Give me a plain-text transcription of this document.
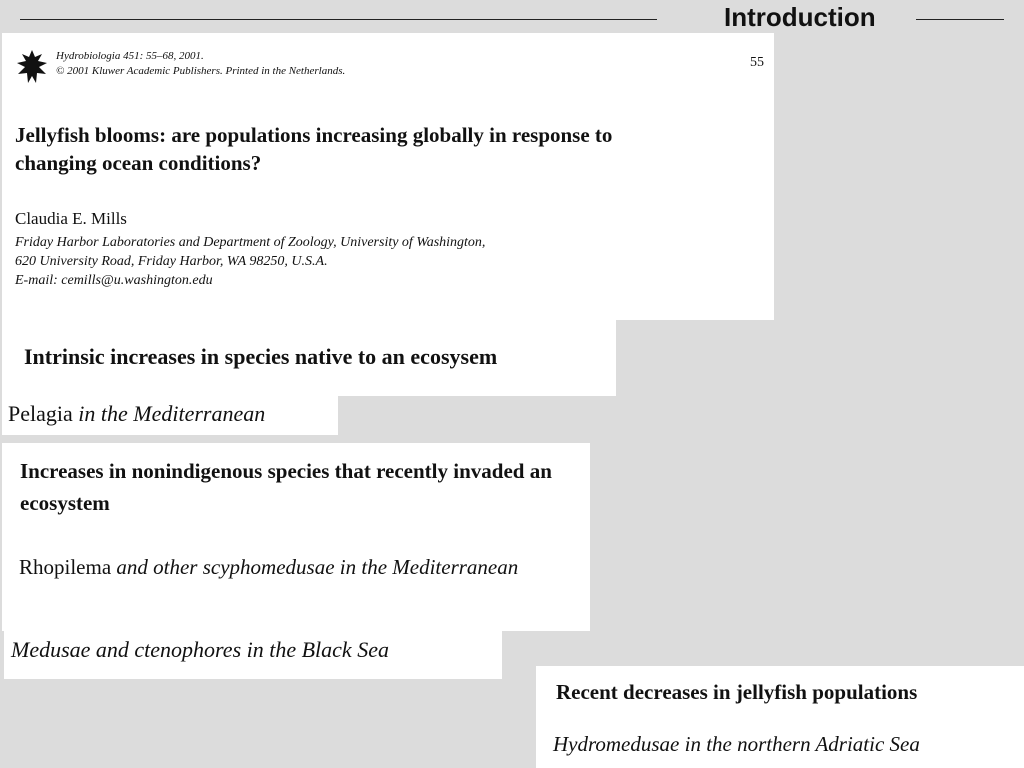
Introduction
Hydrobiologia 451: 55–68, 2001.
© 2001 Kluwer Academic Publishers. Printed in the Netherlands.
55
Jellyfish blooms: are populations increasing globally in response to changing ocean conditions?
Claudia E. Mills
Friday Harbor Laboratories and Department of Zoology, University of Washington,
620 University Road, Friday Harbor, WA 98250, U.S.A.
E-mail: cemills@u.washington.edu
Intrinsic increases in species native to an ecosysem
Pelagia in the Mediterranean
Increases in nonindigenous species that recently invaded an ecosystem
Rhopilema and other scyphomedusae in the Mediterranean
Medusae and ctenophores in the Black Sea
Recent decreases in jellyfish populations
Hydromedusae in the northern Adriatic Sea
